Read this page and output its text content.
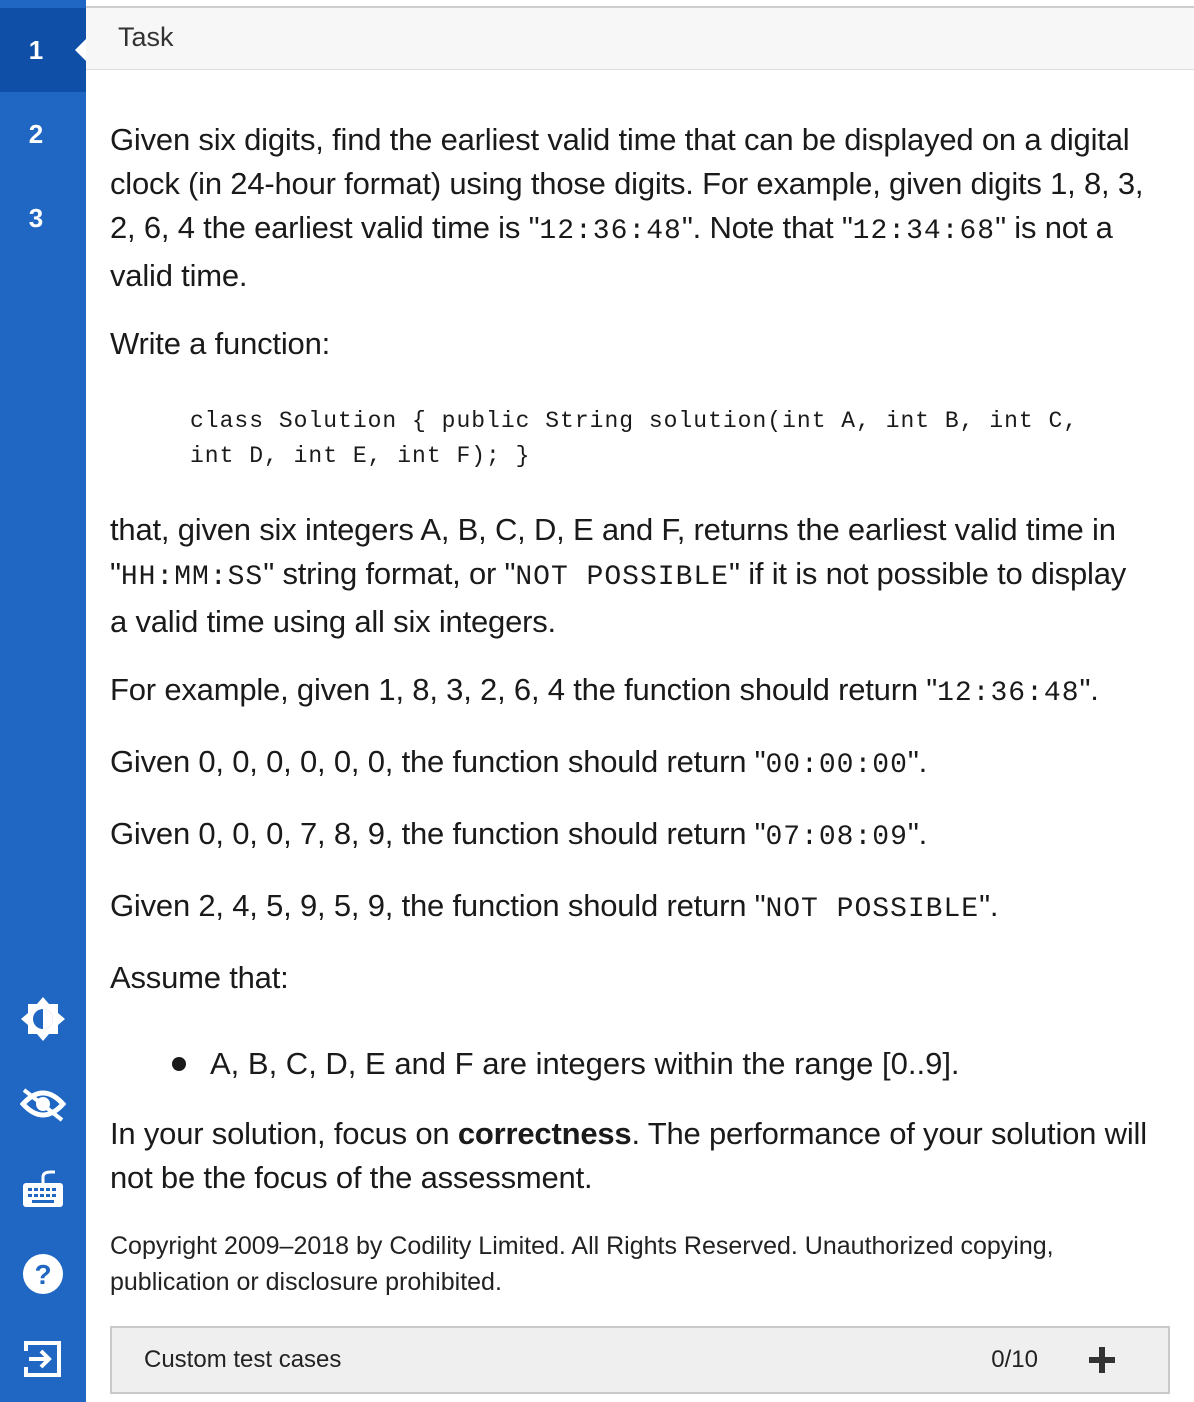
1
2
3
?
Task

Given six digits, find the earliest valid time that can be displayed on a digital clock (in 24-hour format) using those digits. For example, given digits 1, 8, 3, 2, 6, 4 the earliest valid time is "12:36:48". Note that "12:34:68" is not a valid time.

Write a function:

class Solution { public String solution(int A, int B, int C,
int D, int E, int F); }

that, given six integers A, B, C, D, E and F, returns the earliest valid time in "HH:MM:SS" string format, or "NOT POSSIBLE" if it is not possible to display a valid time using all six integers.

For example, given 1, 8, 3, 2, 6, 4 the function should return "12:36:48".

Given 0, 0, 0, 0, 0, 0, the function should return "00:00:00".

Given 0, 0, 0, 7, 8, 9, the function should return "07:08:09".

Given 2, 4, 5, 9, 5, 9, the function should return "NOT POSSIBLE".

Assume that:

A, B, C, D, E and F are integers within the range [0..9].

In your solution, focus on correctness. The performance of your solution will not be the focus of the assessment.

Copyright 2009–2018 by Codility Limited. All Rights Reserved. Unauthorized copying, publication or disclosure prohibited.

Custom test cases	0/10
